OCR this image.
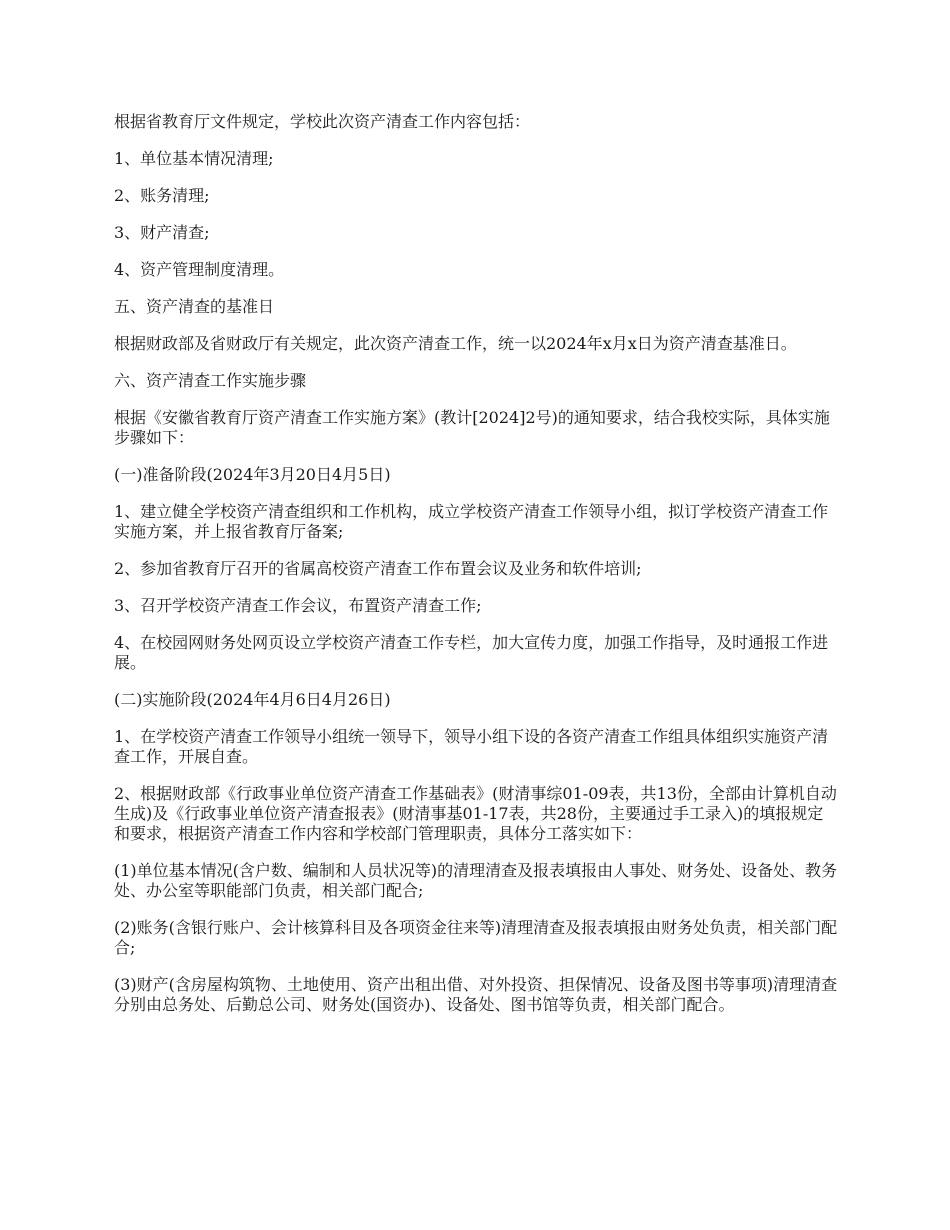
根据省教育厅文件规定，学校此次资产清查工作内容包括：

1、单位基本情况清理;

2、账务清理;

3、财产清查;

4、资产管理制度清理。

五、资产清查的基准日

根据财政部及省财政厅有关规定，此次资产清查工作，统一以2024年x月x日为资产清查基准日。

六、资产清查工作实施步骤

根据《安徽省教育厅资产清查工作实施方案》(教计[2024]2号)的通知要求，结合我校实际，具体实施步骤如下：

(一)准备阶段(2024年3月20日4月5日)

1、建立健全学校资产清查组织和工作机构，成立学校资产清查工作领导小组，拟订学校资产清查工作实施方案，并上报省教育厅备案;

2、参加省教育厅召开的省属高校资产清查工作布置会议及业务和软件培训;

3、召开学校资产清查工作会议，布置资产清查工作;

4、在校园网财务处网页设立学校资产清查工作专栏，加大宣传力度，加强工作指导，及时通报工作进展。

(二)实施阶段(2024年4月6日4月26日)

1、在学校资产清查工作领导小组统一领导下，领导小组下设的各资产清查工作组具体组织实施资产清查工作，开展自查。

2、根据财政部《行政事业单位资产清查工作基础表》(财清事综01-09表，共13份，全部由计算机自动生成)及《行政事业单位资产清查报表》(财清事基01-17表，共28份，主要通过手工录入)的填报规定和要求，根据资产清查工作内容和学校部门管理职责，具体分工落实如下：

(1)单位基本情况(含户数、编制和人员状况等)的清理清查及报表填报由人事处、财务处、设备处、教务处、办公室等职能部门负责，相关部门配合;

(2)账务(含银行账户、会计核算科目及各项资金往来等)清理清查及报表填报由财务处负责，相关部门配合;

(3)财产(含房屋构筑物、土地使用、资产出租出借、对外投资、担保情况、设备及图书等事项)清理清查分别由总务处、后勤总公司、财务处(国资办)、设备处、图书馆等负责，相关部门配合。
